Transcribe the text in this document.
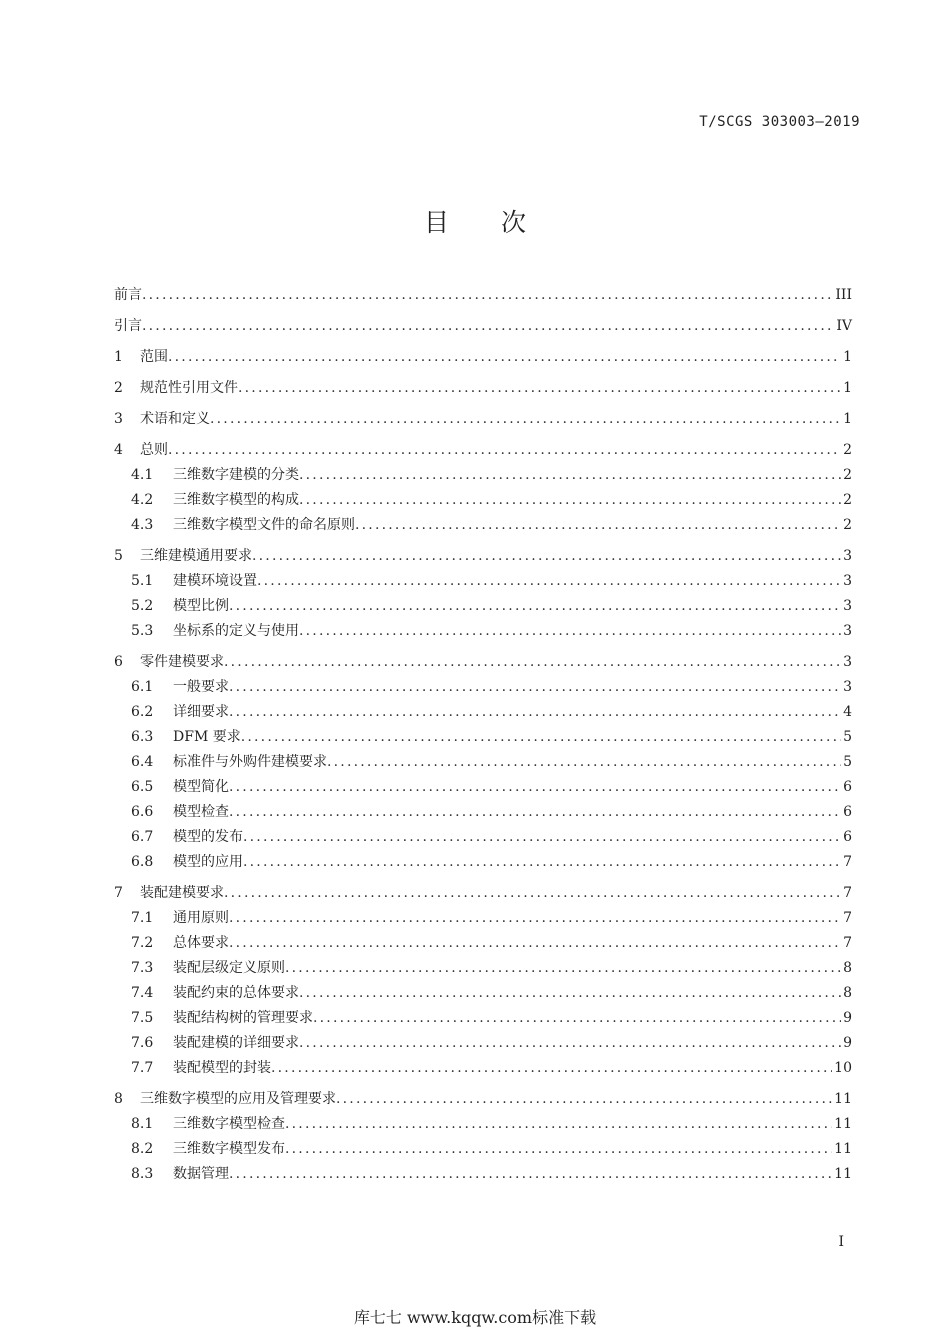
T/SCGS 303003—2019
目 次
前言 .....	III
引言 .....	IV
1	范围 .....	1
2	规范性引用文件 .....	1
3	术语和定义 .....	1
4	总则 .....	2
4.1	三维数字建模的分类 .....	2
4.2	三维数字模型的构成 .....	2
4.3	三维数字模型文件的命名原则 .....	2
5	三维建模通用要求 .....	3
5.1	建模环境设置 .....	3
5.2	模型比例 .....	3
5.3	坐标系的定义与使用 .....	3
6	零件建模要求 .....	3
6.1	一般要求 .....	3
6.2	详细要求 .....	4
6.3	DFM 要求 .....	5
6.4	标准件与外购件建模要求 .....	5
6.5	模型简化 .....	6
6.6	模型检查 .....	6
6.7	模型的发布 .....	6
6.8	模型的应用 .....	7
7	装配建模要求 .....	7
7.1	通用原则 .....	7
7.2	总体要求 .....	7
7.3	装配层级定义原则 .....	8
7.4	装配约束的总体要求 .....	8
7.5	装配结构树的管理要求 .....	9
7.6	装配建模的详细要求 .....	9
7.7	装配模型的封装 .....	10
8	三维数字模型的应用及管理要求 .....	11
8.1	三维数字模型检查 .....	11
8.2	三维数字模型发布 .....	11
8.3	数据管理 .....	11
I
库七七 www.kqqw.com标准下载
